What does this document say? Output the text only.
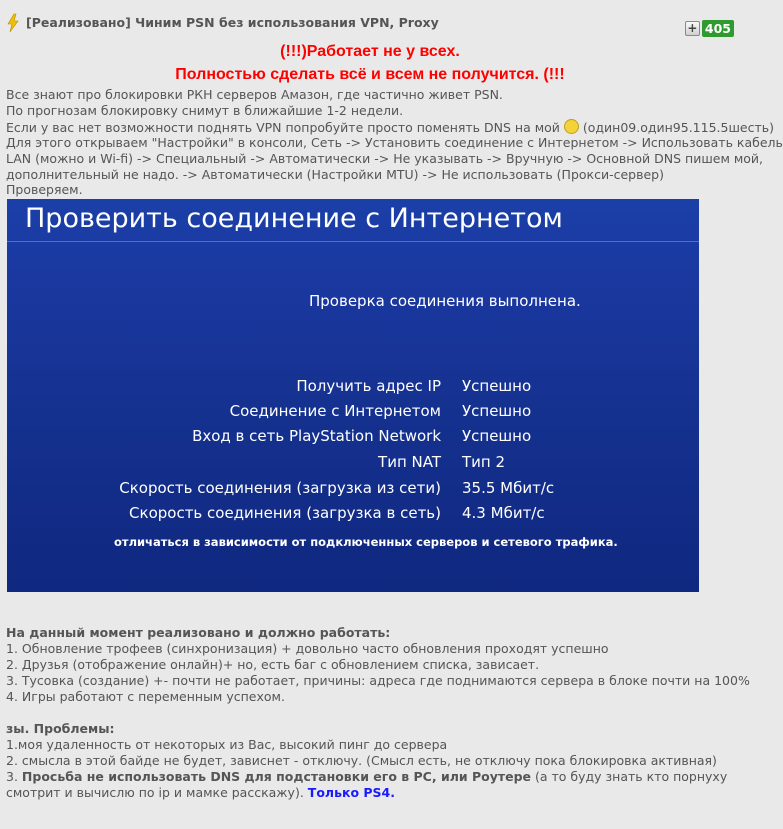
[Реализовано] Чиним PSN без использования VPN, Proxy	+ 405
(!!!)Работает не у всех.
Полностью сделать всё и всем не получится. (!!!
Все знают про блокировки РКН серверов Амазон, где частично живет PSN.
По прогнозам блокировку снимут в ближайшие 1-2 недели.
Если у вас нет возможности поднять VPN попробуйте просто поменять DNS на мой (один09.один95.115.5шесть)
Для этого открываем "Настройки" в консоли, Сеть -> Установить соединение с Интернетом -> Использовать кабель
LAN (можно и Wi-fi) -> Специальный -> Автоматически -> Не указывать -> Вручную -> Основной DNS пишем мой,
дополнительный не надо. -> Автоматически (Настройки MTU) -> Не использовать (Прокси-сервер)
Проверяем.
Проверить соединение с Интернетом
Проверка соединения выполнена.
Получить адрес IP Успешно
Соединение с Интернетом Успешно
Вход в сеть PlayStation Network Успешно
Тип NAT Тип 2
Скорость соединения (загрузка из сети) 35.5 Мбит/с
Скорость соединения (загрузка в сеть) 4.3 Мбит/с
отличаться в зависимости от подключенных серверов и сетевого трафика.
На данный момент реализовано и должно работать:
1. Обновление трофеев (синхронизация) + довольно часто обновления проходят успешно
2. Друзья (отображение онлайн)+ но, есть баг с обновлением списка, зависает.
3. Тусовка (создание) +- почти не работает, причины: адреса где поднимаются сервера в блоке почти на 100%
4. Игры работают с переменным успехом.
зы. Проблемы:
1.моя удаленность от некоторых из Вас, высокий пинг до сервера
2. смысла в этой байде не будет, зависнет - отключу. (Смысл есть, не отключу пока блокировка активная)
3. Просьба не использовать DNS для подстановки его в PC, или Роутере (а то буду знать кто порнуху
смотрит и вычислю по ip и мамке расскажу). Только PS4.
